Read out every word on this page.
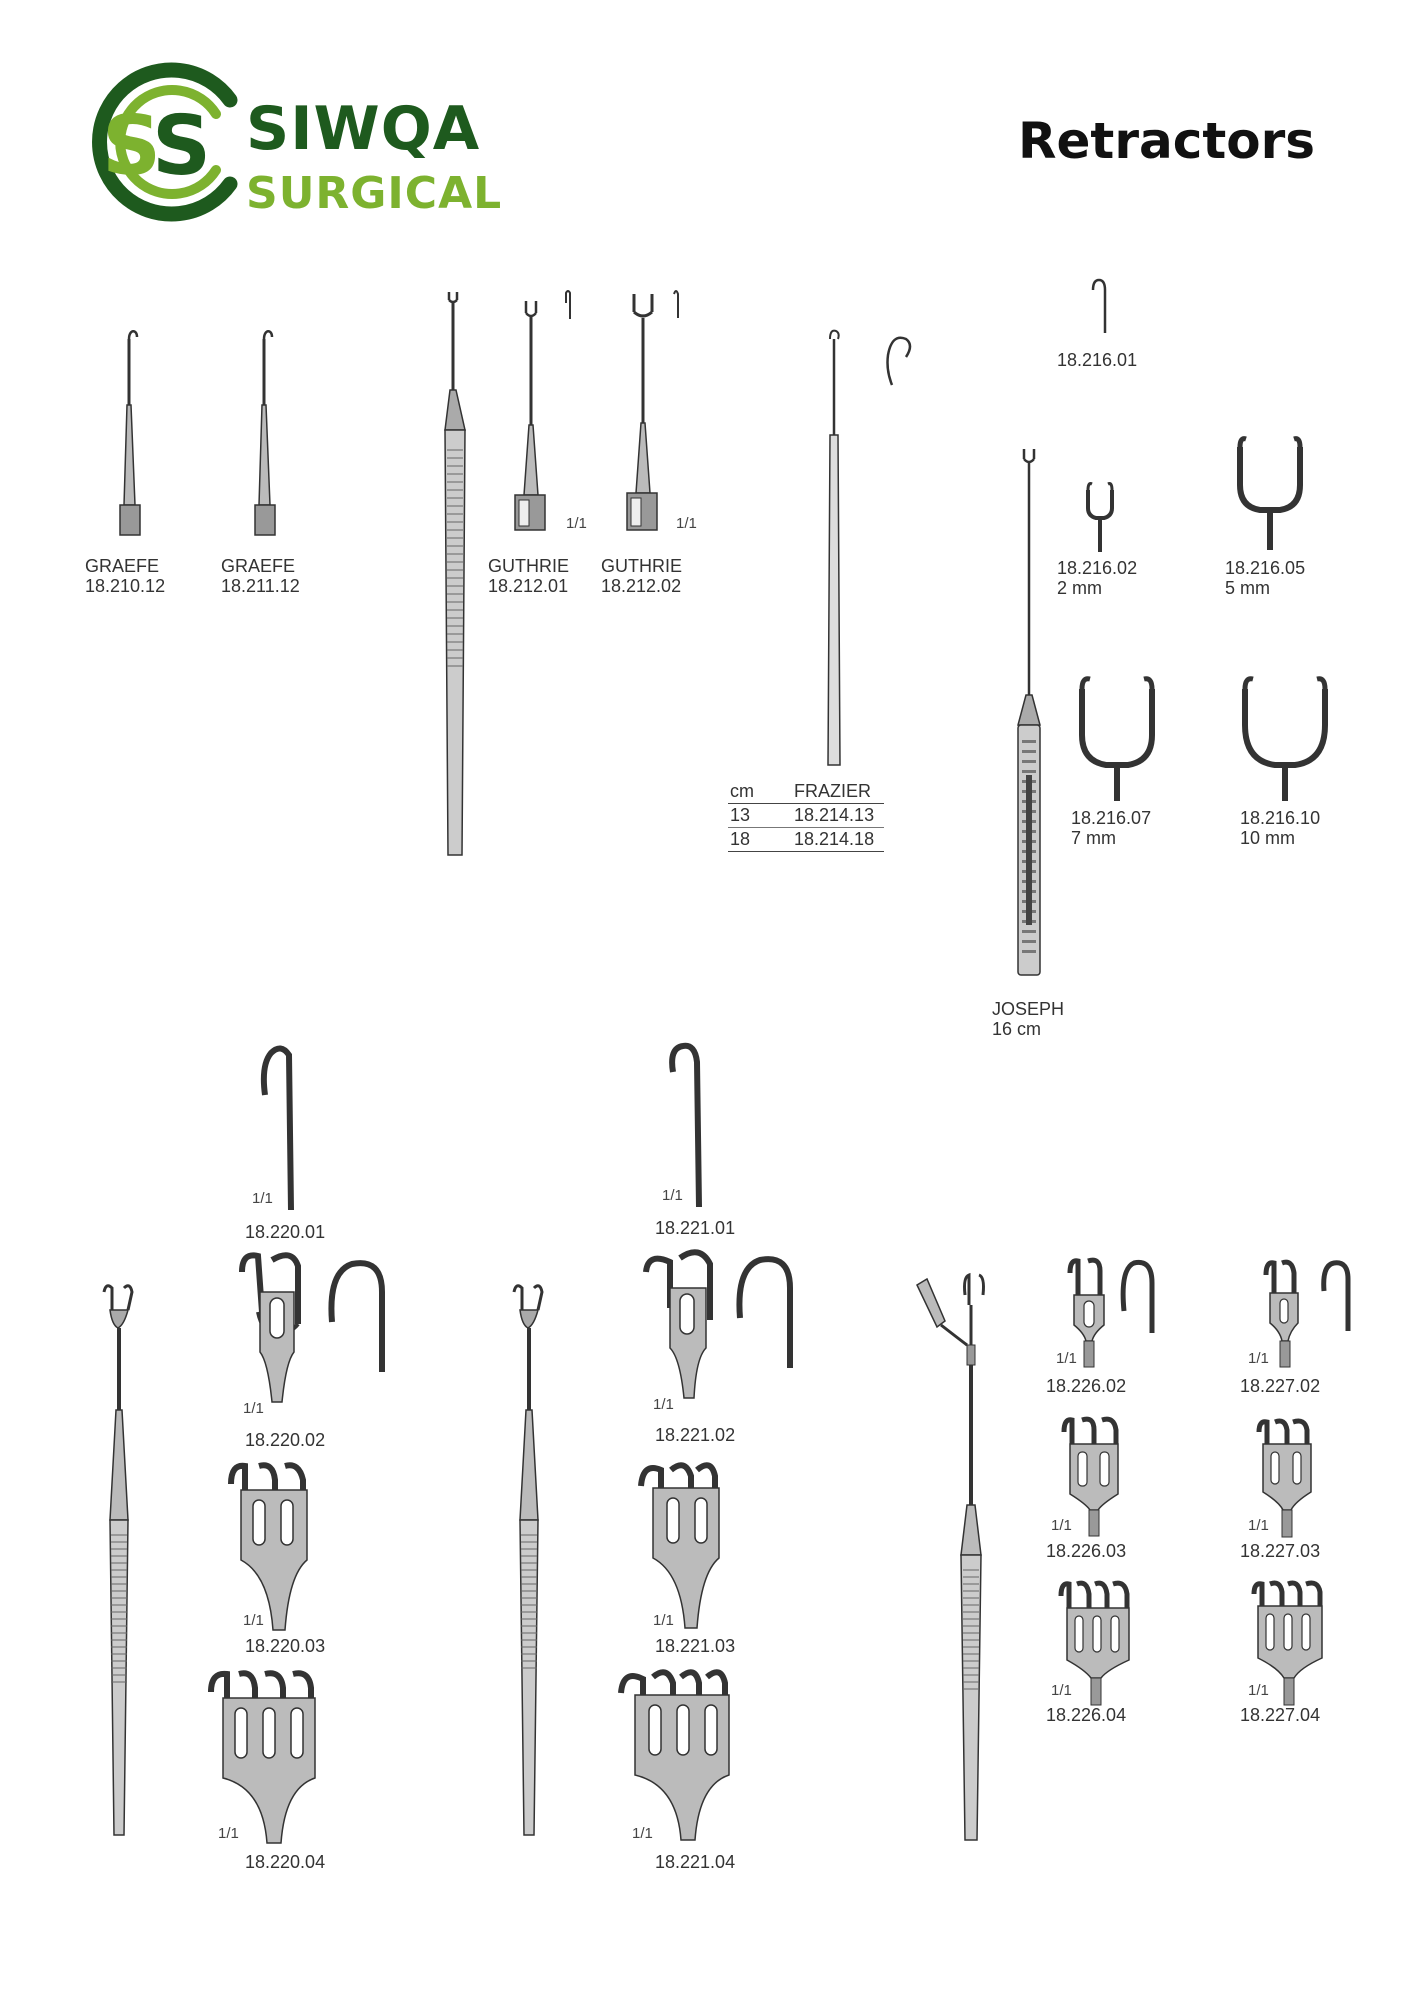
S
S SIWQA
SURGICAL
Retractors
GRAEFE
18.210.12
GRAEFE
18.211.12
1/1
GUTHRIE
18.212.01
1/1
GUTHRIE
18.212.02
cm	FRAZIER
13	18.214.13
18	18.214.18
18.216.01
JOSEPH
16 cm
18.216.02
2 mm
18.216.05
5 mm
18.216.07
7 mm
18.216.10
10 mm
1/1
18.220.01
1/1
18.220.02
1/1
18.220.03
1/1
18.220.04
1/1
18.221.01
1/1
18.221.02
1/1
18.221.03
1/1
18.221.04
1/1
18.226.02
1/1
18.226.03
1/1
18.226.04
1/1
18.227.02
1/1
18.227.03
1/1
18.227.04
